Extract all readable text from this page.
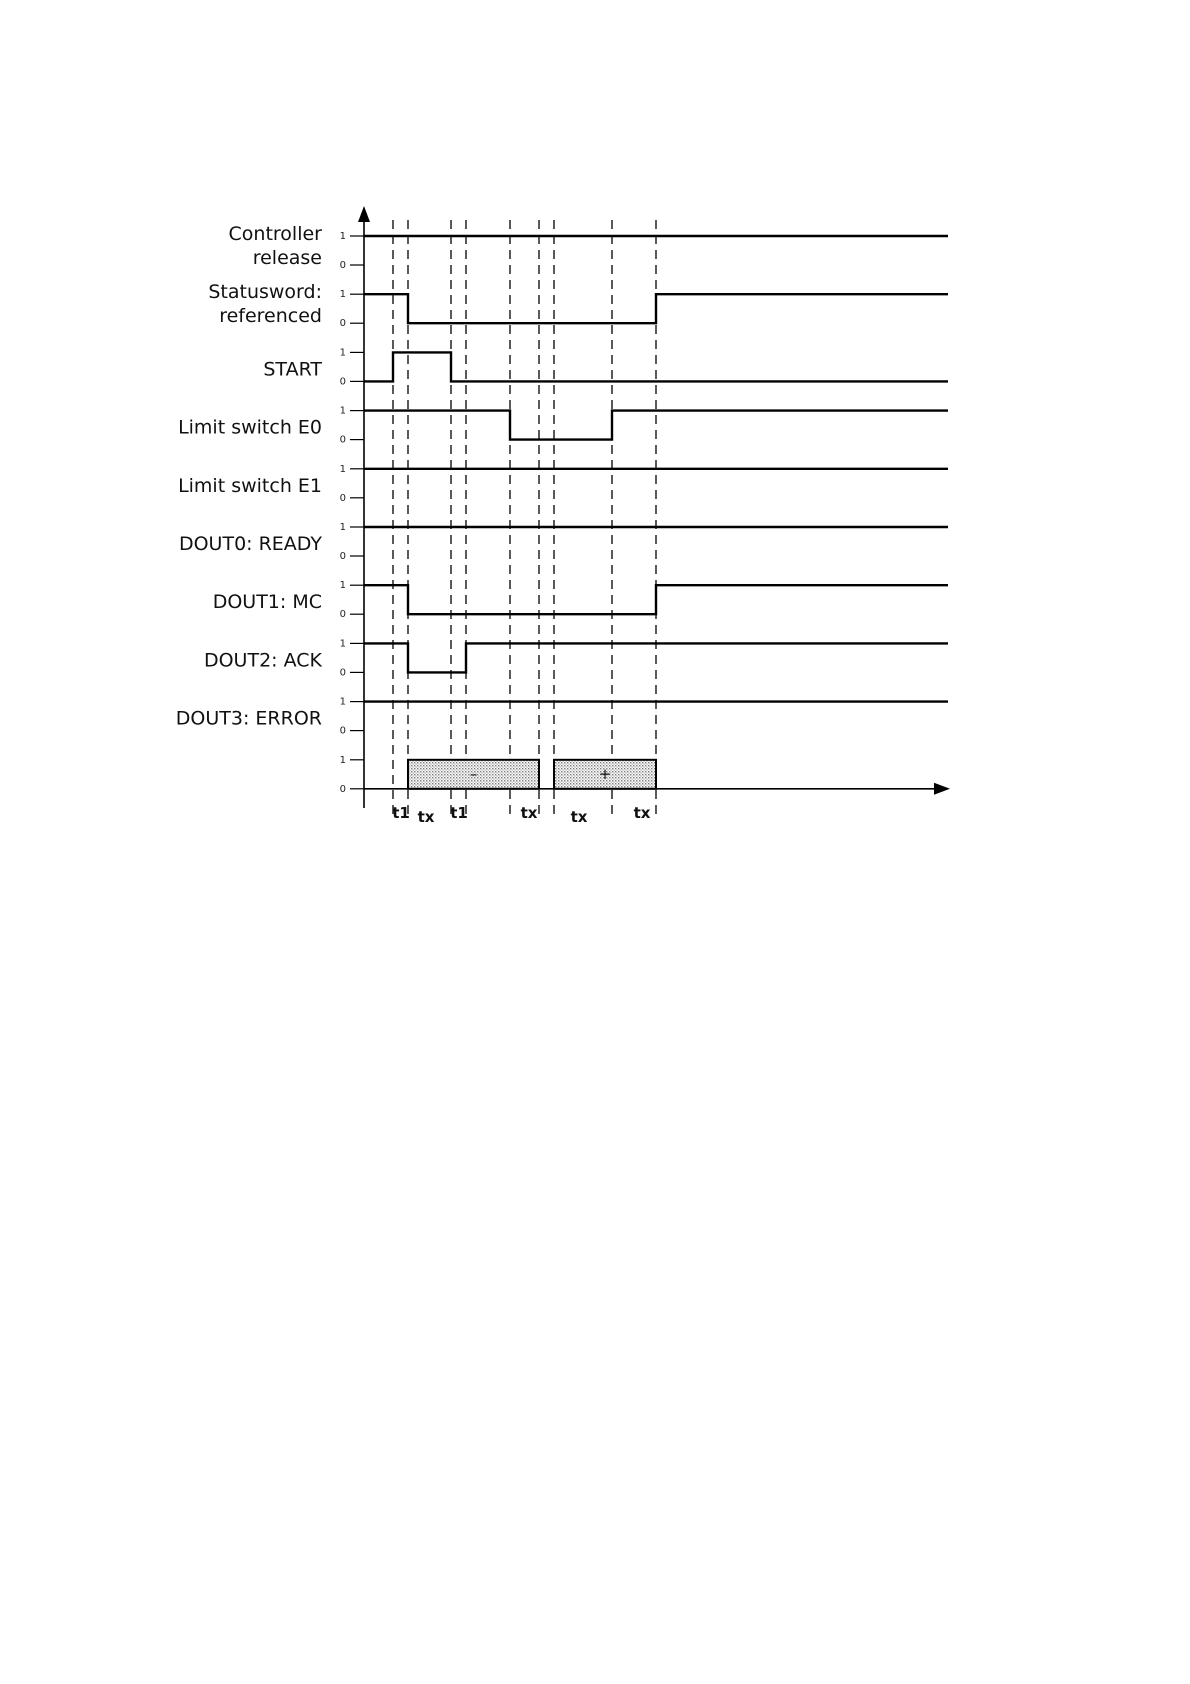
1
0
Controller
release
1
0
Statusword:
referenced
1
0
START
1
0
Limit switch E0
1
0
Limit switch E1
1
0
DOUT0: READY
1
0
DOUT1: MC
1
0
DOUT2: ACK
1
0
DOUT3: ERROR
1
0
–	+
t1 tx t1	tx tx	tx
